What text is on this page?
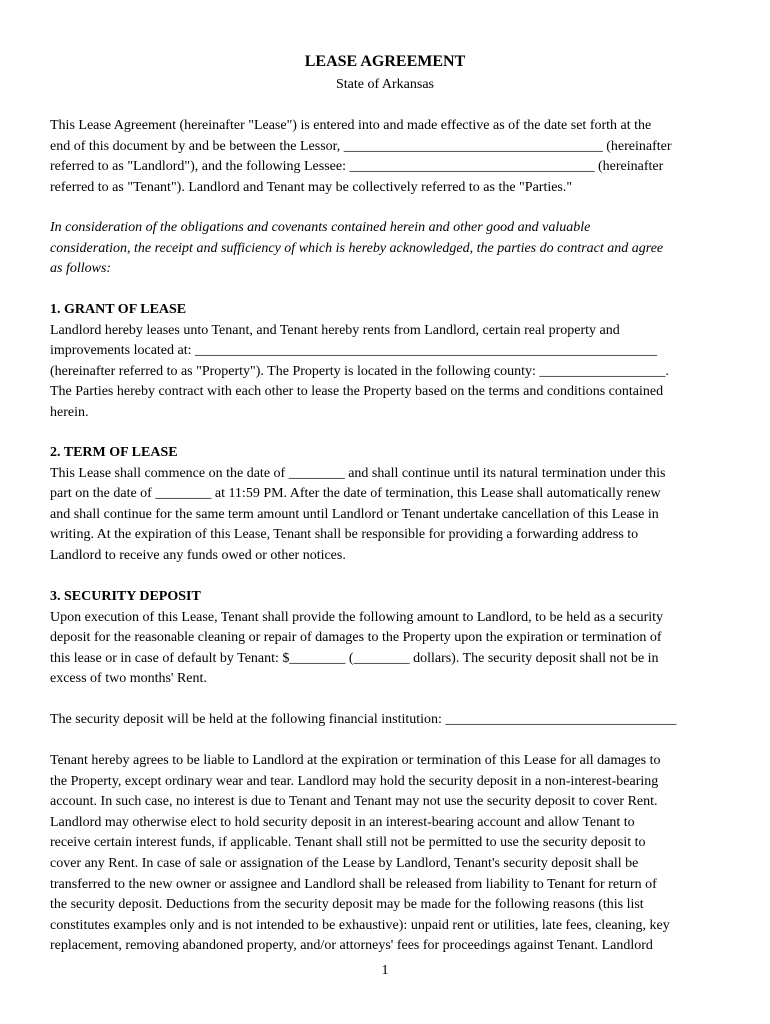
LEASE AGREEMENT
State of Arkansas
This Lease Agreement (hereinafter "Lease") is entered into and made effective as of the date set forth at the
end of this document by and be between the Lessor, _____________________________________ (hereinafter
referred to as "Landlord"), and the following Lessee: ___________________________________ (hereinafter
referred to as "Tenant"). Landlord and Tenant may be collectively referred to as the "Parties."
In consideration of the obligations and covenants contained herein and other good and valuable
consideration, the receipt and sufficiency of which is hereby acknowledged, the parties do contract and agree
as follows:
1. GRANT OF LEASE
Landlord hereby leases unto Tenant, and Tenant hereby rents from Landlord, certain real property and
improvements located at: __________________________________________________________________
(hereinafter referred to as "Property"). The Property is located in the following county: __________________.
The Parties hereby contract with each other to lease the Property based on the terms and conditions contained
herein.
2. TERM OF LEASE
This Lease shall commence on the date of ________ and shall continue until its natural termination under this
part on the date of ________ at 11:59 PM. After the date of termination, this Lease shall automatically renew
and shall continue for the same term amount until Landlord or Tenant undertake cancellation of this Lease in
writing. At the expiration of this Lease, Tenant shall be responsible for providing a forwarding address to
Landlord to receive any funds owed or other notices.
3. SECURITY DEPOSIT
Upon execution of this Lease, Tenant shall provide the following amount to Landlord, to be held as a security
deposit for the reasonable cleaning or repair of damages to the Property upon the expiration or termination of
this lease or in case of default by Tenant: $________ (________ dollars). The security deposit shall not be in
excess of two months' Rent.
The security deposit will be held at the following financial institution: _________________________________
Tenant hereby agrees to be liable to Landlord at the expiration or termination of this Lease for all damages to
the Property, except ordinary wear and tear. Landlord may hold the security deposit in a non-interest-bearing
account. In such case, no interest is due to Tenant and Tenant may not use the security deposit to cover Rent.
Landlord may otherwise elect to hold security deposit in an interest-bearing account and allow Tenant to
receive certain interest funds, if applicable. Tenant shall still not be permitted to use the security deposit to
cover any Rent. In case of sale or assignation of the Lease by Landlord, Tenant's security deposit shall be
transferred to the new owner or assignee and Landlord shall be released from liability to Tenant for return of
the security deposit. Deductions from the security deposit may be made for the following reasons (this list
constitutes examples only and is not intended to be exhaustive): unpaid rent or utilities, late fees, cleaning, key
replacement, removing abandoned property, and/or attorneys' fees for proceedings against Tenant. Landlord
1
